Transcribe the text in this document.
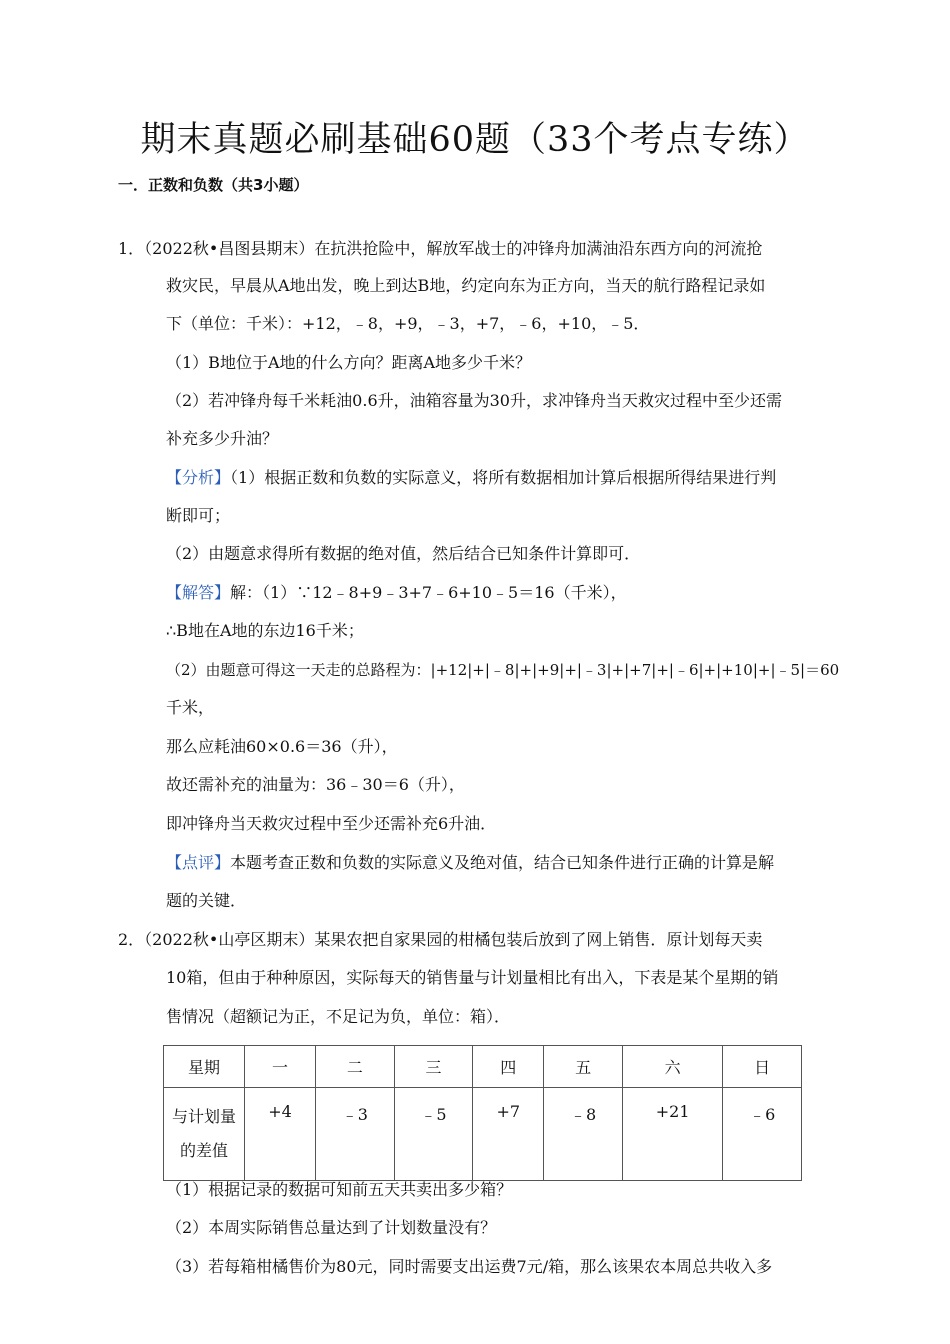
期末真题必刷基础60题（33个考点专练）
一．正数和负数（共3小题）
1．（2022秋•昌图县期末）在抗洪抢险中，解放军战士的冲锋舟加满油沿东西方向的河流抢
救灾民，早晨从A地出发，晚上到达B地，约定向东为正方向，当天的航行路程记录如
下（单位：千米）：+12，﹣8，+9，﹣3，+7，﹣6，+10，﹣5．
（1）B地位于A地的什么方向？距离A地多少千米？
（2）若冲锋舟每千米耗油0.6升，油箱容量为30升，求冲锋舟当天救灾过程中至少还需
补充多少升油？
【分析】（1）根据正数和负数的实际意义，将所有数据相加计算后根据所得结果进行判
断即可；
（2）由题意求得所有数据的绝对值，然后结合已知条件计算即可．
【解答】解：（1）∵12﹣8+9﹣3+7﹣6+10﹣5＝16（千米），
∴B地在A地的东边16千米；
（2）由题意可得这一天走的总路程为：|+12|+|﹣8|+|+9|+|﹣3|+|+7|+|﹣6|+|+10|+|﹣5|＝60
千米，
那么应耗油60×0.6＝36（升），
故还需补充的油量为：36﹣30＝6（升），
即冲锋舟当天救灾过程中至少还需补充6升油．
【点评】本题考查正数和负数的实际意义及绝对值，结合已知条件进行正确的计算是解
题的关键．
2．（2022秋•山亭区期末）某果农把自家果园的柑橘包装后放到了网上销售．原计划每天卖
10箱，但由于种种原因，实际每天的销售量与计划量相比有出入，下表是某个星期的销
售情况（超额记为正，不足记为负，单位：箱）．
星期	一	二	三	四	五	六	日

与计划量
的差值	+4	﹣3	﹣5	+7	﹣8	+21	﹣6
（1）根据记录的数据可知前五天共卖出多少箱？
（2）本周实际销售总量达到了计划数量没有？
（3）若每箱柑橘售价为80元，同时需要支出运费7元/箱，那么该果农本周总共收入多
